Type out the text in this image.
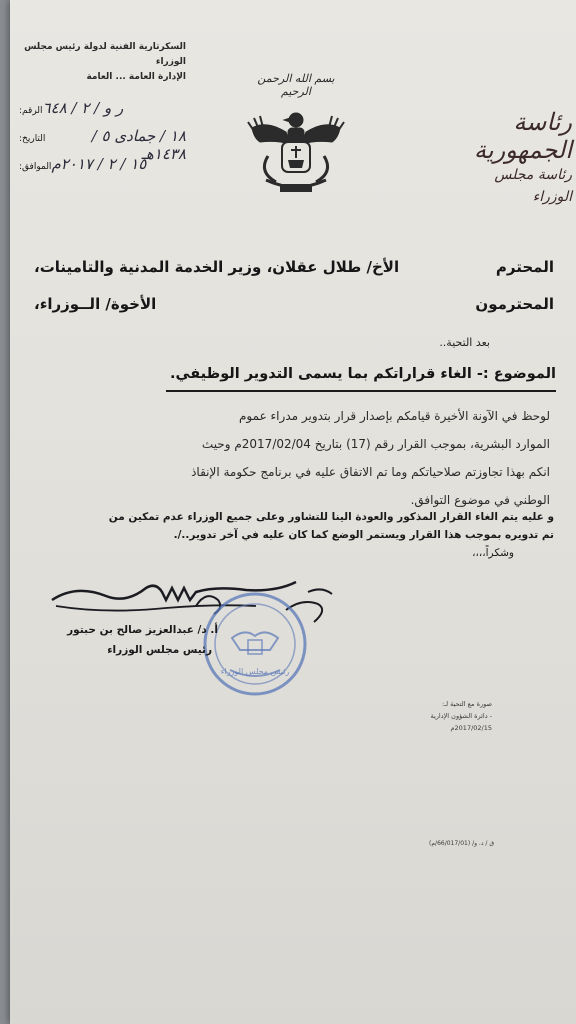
السكرتارية الفنية لدولة رئيس مجلس الوزراء
الإدارة العامة ... العامة
ر و / ٢ / ٦٤٨
الرقم:
١٨ / جمادى ٥ / ١٤٣٨هـ
التاريخ:
١٥ / ٢ / ٢٠١٧م
الموافق:
بسم الله الرحمن الرحيم
رئاسة الجمهورية
رئاسة مجلس الوزراء
الأخ/ طلال عقلان، وزير الخدمة المدنية والتامينات،	المحترم
الأخوة/ الــوزراء،	المحترمون
بعد التحية..
الموضوع :- الغاء قراراتكم بما يسمى التدوير الوظيفي.
لوحظ في الآونة الأخيرة قيامكم بإصدار قرار بتدوير مدراء عموم
الموارد البشرية، بموجب القرار رقم (17) بتاريخ 2017/02/04م وحيث
انكم بهذا تجاوزتم صلاحياتكم وما تم الاتفاق عليه في برنامج حكومة الإنقاذ
الوطني في موضوع التوافق.
و عليه يتم الغاء القرار المذكور والعودة الينا للتشاور وعلى جميع الوزراء عدم تمكين من
تم تدويره بموجب هذا القرار ويستمر الوضع كما كان عليه في آخر تدوير../.
وشكراً،،،،
رئيس مجلس الوزراء
أ. د/ عبدالعزيز صالح بن حبتور
رئيس مجلس الوزراء
صورة مع التحية لـ:
- دائرة الشؤون الإدارية
2017/02/15م
ق / د. و/ (66/017/01/م)
